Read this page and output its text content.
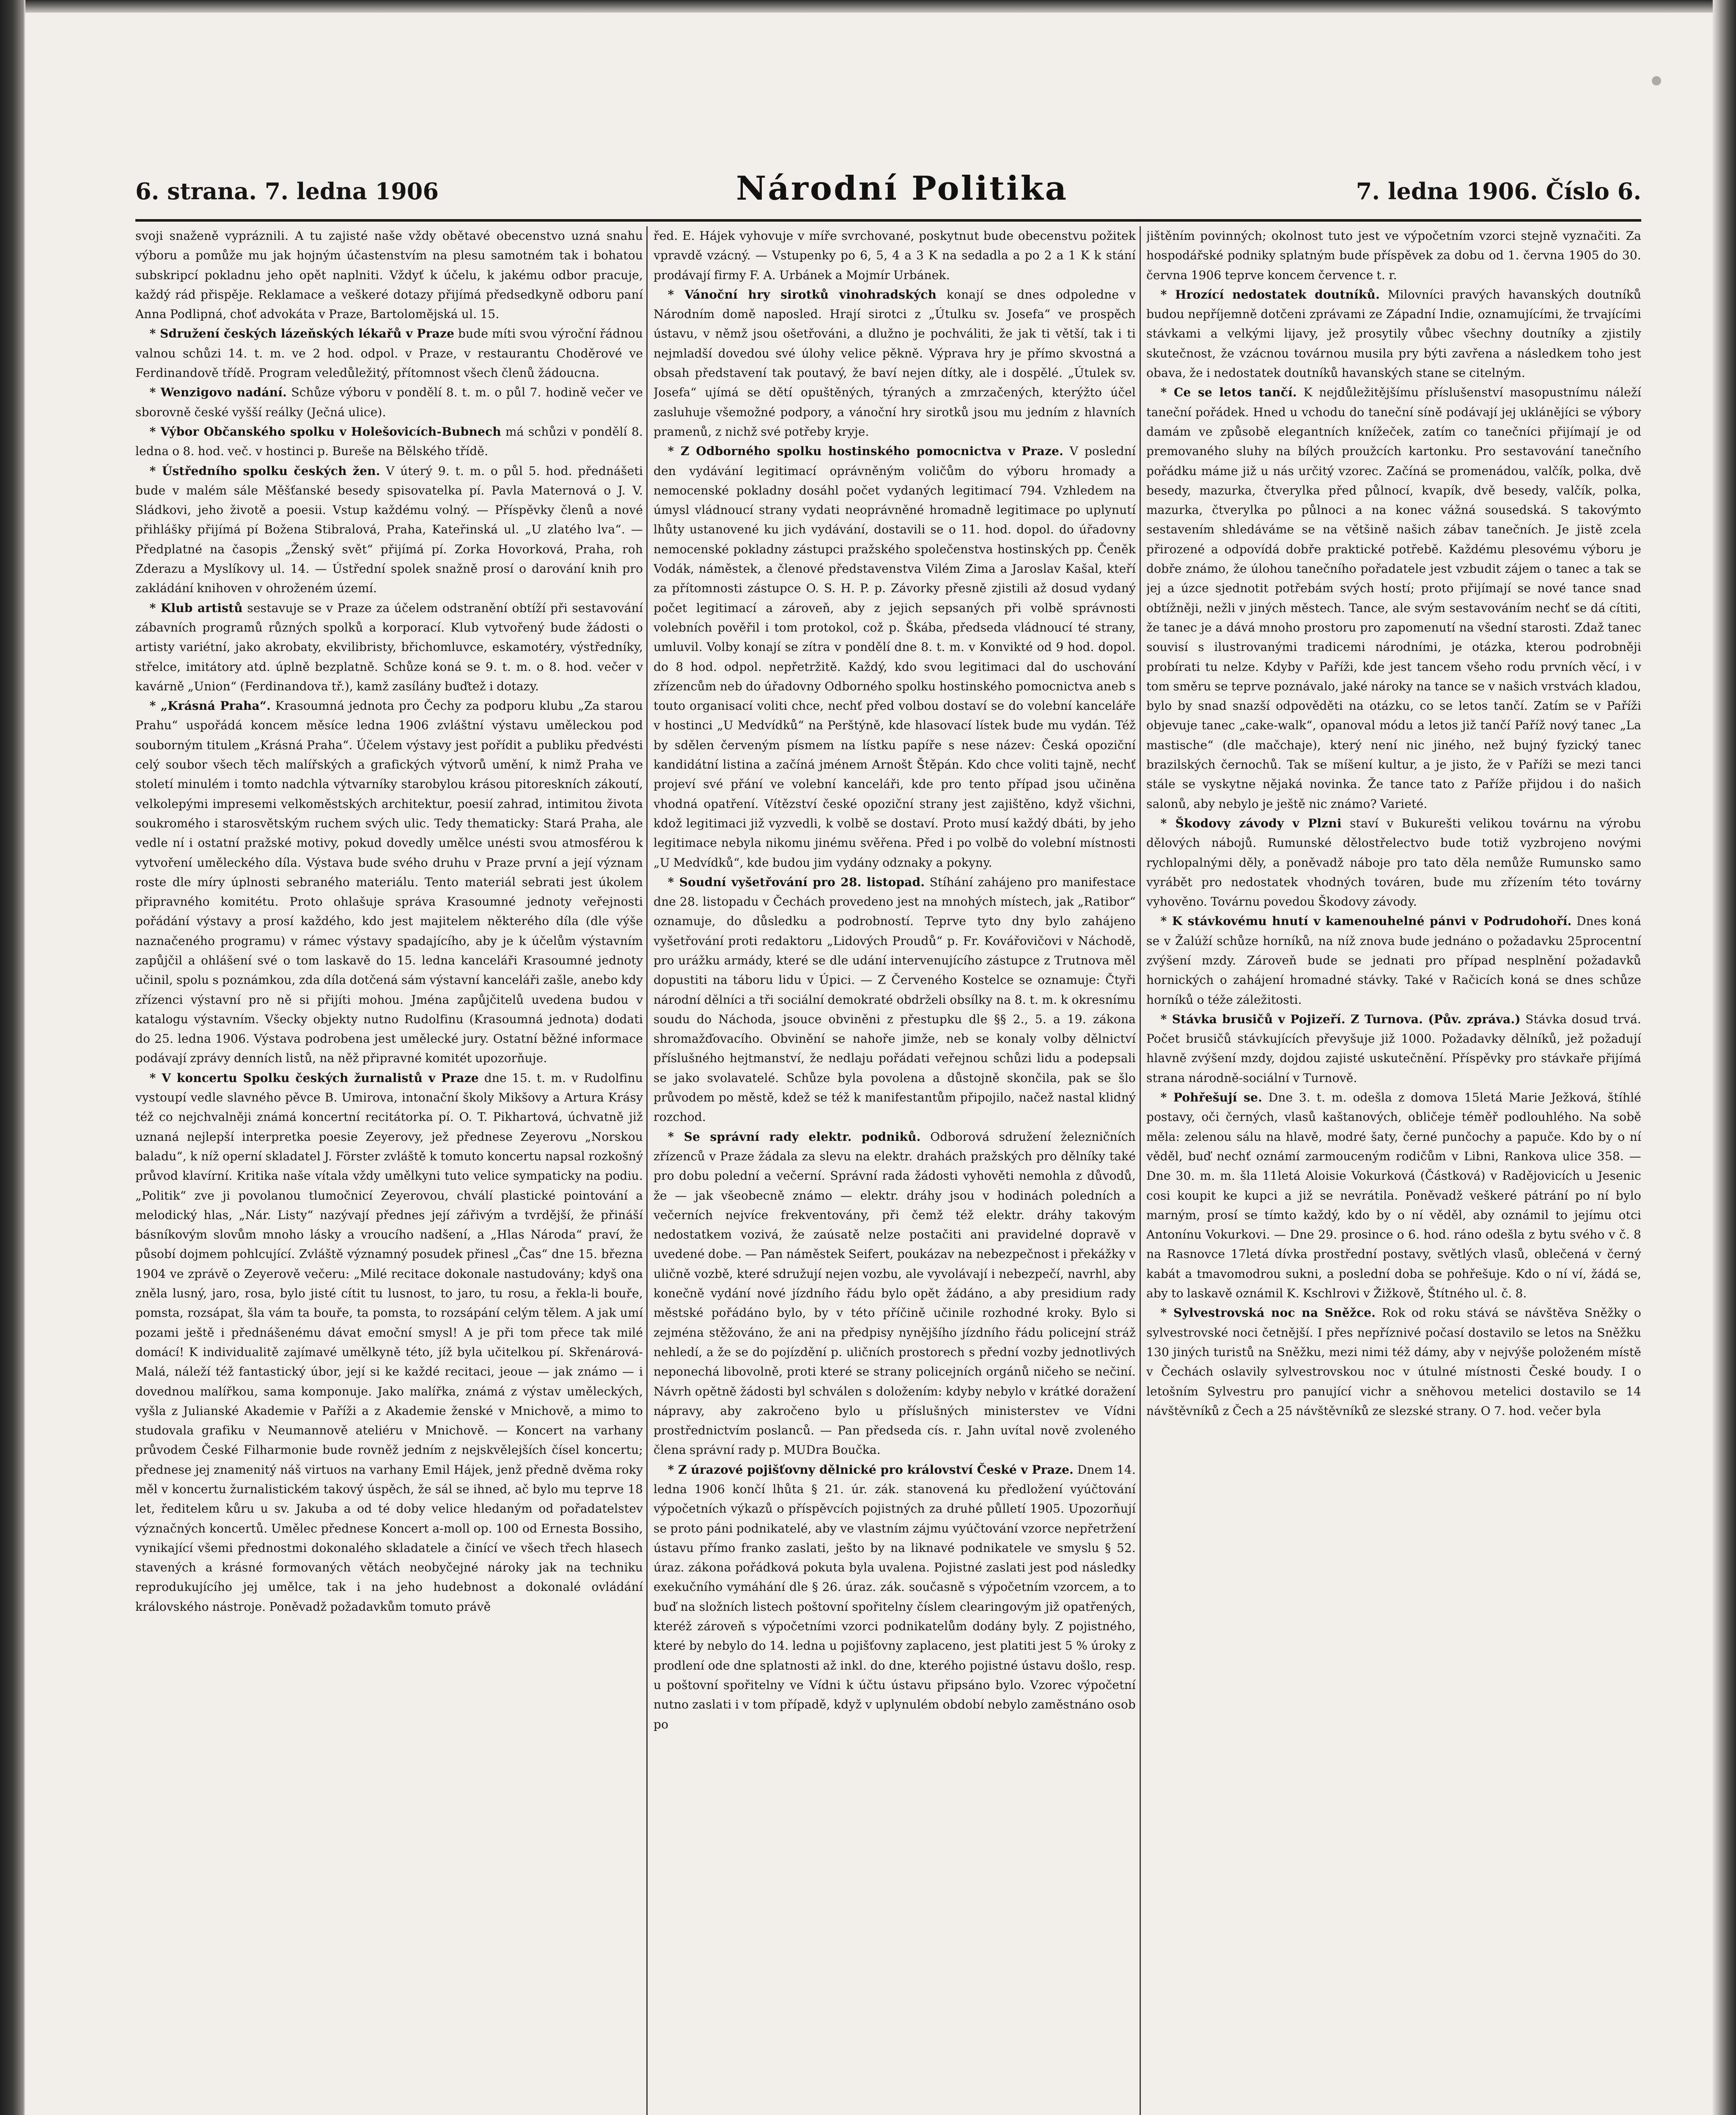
6. strana. 7. ledna 1906	Národní Politika	7. ledna 1906. Číslo 6.

svoji snaženě vypráznili. A tu zajisté naše vždy obětavé obecenstvo uzná snahu výboru a pomůže mu jak hojným účastenstvím na plesu samotném tak i bohatou subskripcí pokladnu jeho opět naplniti. Vždyť k účelu, k jakému odbor pracuje, každý rád přispěje. Reklamace a veškeré dotazy přijímá předsedkyně odboru paní Anna Podlipná, choť advokáta v Praze, Bartolomějská ul. 15.

* Sdružení českých lázeňských lékařů v Praze bude míti svou výroční řádnou valnou schůzi 14. t. m. ve 2 hod. odpol. v Praze, v restaurantu Choděrové ve Ferdinandově třídě. Program veledůležitý, přítomnost všech členů žádoucna.

* Wenzigovo nadání. Schůze výboru v pondělí 8. t. m. o půl 7. hodině večer ve sborovně české vyšší reálky (Ječná ulice).

* Výbor Občanského spolku v Holešovicích-Bubnech má schůzi v pondělí 8. ledna o 8. hod. več. v hostinci p. Bureše na Bělského třídě.

* Ústředního spolku českých žen. V úterý 9. t. m. o půl 5. hod. přednášeti bude v malém sále Měšťanské besedy spisovatelka pí. Pavla Maternová o J. V. Sládkovi, jeho životě a poesii. Vstup každému volný. — Příspěvky členů a nové přihlášky přijímá pí Božena Stibralová, Praha, Kateřinská ul. „U zlatého lva“. — Předplatné na časopis „Ženský svět“ přijímá pí. Zorka Hovorková, Praha, roh Zderazu a Myslíkovy ul. 14. — Ústřední spolek snažně prosí o darování knih pro zakládání knihoven v ohroženém území.

* Klub artistů sestavuje se v Praze za účelem odstranění obtíží při sestavování zábavních programů různých spolků a korporací. Klub vytvořený bude žádosti o artisty variétní, jako akrobaty, ekvilibristy, břichomluvce, eskamotéry, výstředníky, střelce, imitátory atd. úplně bezplatně. Schůze koná se 9. t. m. o 8. hod. večer v kavárně „Union“ (Ferdinandova tř.), kamž zasílány buďtež i dotazy.

* „Krásná Praha“. Krasoumná jednota pro Čechy za podporu klubu „Za starou Prahu“ uspořádá koncem měsíce ledna 1906 zvláštní výstavu uměleckou pod souborným titulem „Krásná Praha“. Účelem výstavy jest pořídit a publiku předvésti celý soubor všech těch malířských a grafických výtvorů umění, k nimž Praha ve století minulém i tomto nadchla výtvarníky starobylou krásou pitoreskních zákoutí, velkolepými impresemi velkoměstských architektur, poesií zahrad, intimitou života soukromého i starosvětským ruchem svých ulic. Tedy thematicky: Stará Praha, ale vedle ní i ostatní pražské motivy, pokud dovedly umělce unésti svou atmosférou k vytvoření uměleckého díla. Výstava bude svého druhu v Praze první a její význam roste dle míry úplnosti sebraného materiálu. Tento materiál sebrati jest úkolem připravného komitétu. Proto ohlašuje správa Krasoumné jednoty veřejnosti pořádání výstavy a prosí každého, kdo jest majitelem některého díla (dle výše naznačeného programu) v rámec výstavy spadajícího, aby je k účelům výstavním zapůjčil a ohlášení své o tom laskavě do 15. ledna kanceláři Krasoumné jednoty učinil, spolu s poznámkou, zda díla dotčená sám výstavní kanceláři zašle, anebo kdy zřízenci výstavní pro ně si přijíti mohou. Jména zapůjčitelů uvedena budou v katalogu výstavním. Všecky objekty nutno Rudolfinu (Krasoumná jednota) dodati do 25. ledna 1906. Výstava podrobena jest umělecké jury. Ostatní běžné informace podávají zprávy denních listů, na něž připravné komitét upozorňuje.

* V koncertu Spolku českých žurnalistů v Praze dne 15. t. m. v Rudolfinu vystoupí vedle slavného pěvce B. Umirova, intonační školy Mikšovy a Artura Krásy též co nejchvalněji známá koncertní recitátorka pí. O. T. Pikhartová, úchvatně již uznaná nejlepší interpretka poesie Zeyerovy, jež přednese Zeyerovu „Norskou baladu“, k níž operní skladatel J. Förster zvláště k tomuto koncertu napsal rozkošný průvod klavírní. Kritika naše vítala vždy umělkyni tuto velice sympaticky na podiu. „Politik“ zve ji povolanou tlumočnicí Zeyerovou, chválí plastické pointování a melodický hlas, „Nár. Listy“ nazývají přednes její zářivým a tvrdější, že přináší básníkovým slovům mnoho lásky a vroucího nadšení, a „Hlas Národa“ praví, že působí dojmem pohlcující. Zvláště významný posudek přinesl „Čas“ dne 15. března 1904 ve zprávě o Zeyerově večeru: „Milé recitace dokonale nastudovány; kdyš ona zněla lusný, jaro, rosa, bylo jisté cítit tu lusnost, to jaro, tu rosu, a řekla-li bouře, pomsta, rozsápat, šla vám ta bouře, ta pomsta, to rozsápání celým tělem. A jak umí pozami ještě i přednášenému dávat emoční smysl! A je při tom přece tak milé domácí! K individualitě zajímavé umělkyně této, jíž byla učitelkou pí. Skřenárová-Malá, náleží též fantastický úbor, její si ke každé recitaci, jeoue — jak známo — i dovednou malířkou, sama komponuje. Jako malířka, známá z výstav uměleckých, vyšla z Julianské Akademie v Paříži a z Akademie ženské v Mnichově, a mimo to studovala grafiku v Neumannově ateliéru v Mnichově. — Koncert na varhany průvodem České Filharmonie bude rovněž jedním z nejskvělejších čísel koncertu; přednese jej znamenitý náš virtuos na varhany Emil Hájek, jenž předně dvěma roky měl v koncertu žurnalistickém takový úspěch, že sál se ihned, ač bylo mu teprve 18 let, ředitelem kůru u sv. Jakuba a od té doby velice hledaným od pořadatelstev význačných koncertů. Umělec přednese Koncert a-moll op. 100 od Ernesta Bossiho, vynikající všemi přednostmi dokonalého skladatele a činící ve všech třech hlasech stavených a krásné formovaných větách neobyčejné nároky jak na techniku reprodukujícího jej umělce, tak i na jeho hudebnost a dokonalé ovládání královského nástroje. Poněvadž požadavkům tomuto právě

řed. E. Hájek vyhovuje v míře svrchované, poskytnut bude obecenstvu požitek vpravdě vzácný. — Vstupenky po 6, 5, 4 a 3 K na sedadla a po 2 a 1 K k stání prodávají firmy F. A. Urbánek a Mojmír Urbánek.

* Vánoční hry sirotků vinohradských konají se dnes odpoledne v Národním domě naposled. Hrají sirotci z „Útulku sv. Josefa“ ve prospěch ústavu, v němž jsou ošetřováni, a dlužno je pochváliti, že jak ti větší, tak i ti nejmladší dovedou své úlohy velice pěkně. Výprava hry je přímo skvostná a obsah představení tak poutavý, že baví nejen dítky, ale i dospělé. „Útulek sv. Josefa“ ujímá se dětí opuštěných, týraných a zmrzačených, kterýžto účel zasluhuje všemožné podpory, a vánoční hry sirotků jsou mu jedním z hlavních pramenů, z nichž své potřeby kryje.

* Z Odborného spolku hostinského pomocnictva v Praze. V poslední den vydávání legitimací oprávněným voličům do výboru hromady a nemocenské pokladny dosáhl počet vydaných legitimací 794. Vzhledem na úmysl vládnoucí strany vydati neoprávněné hromadně legitimace po uplynutí lhůty ustanovené ku jich vydávání, dostavili se o 11. hod. dopol. do úřadovny nemocenské pokladny zástupci pražského společenstva hostinských pp. Čeněk Vodák, náměstek, a členové představenstva Vilém Zima a Jaroslav Kašal, kteří za přítomnosti zástupce O. S. H. P. p. Závorky přesně zjistili až dosud vydaný počet legitimací a zároveň, aby z jejich sepsaných při volbě správnosti volebních pověřil i tom protokol, což p. Škába, předseda vládnoucí té strany, umluvil. Volby konají se zítra v pondělí dne 8. t. m. v Konvikté od 9 hod. dopol. do 8 hod. odpol. nepřetržitě. Každý, kdo svou legitimaci dal do uschování zřízencům neb do úřadovny Odborného spolku hostinského pomocnictva aneb s touto organisací voliti chce, nechť před volbou dostaví se do volební kanceláře v hostinci „U Medvídků“ na Perštýně, kde hlasovací lístek bude mu vydán. Též by sdělen červeným písmem na lístku papíře s nese název: Česká opoziční kandidátní listina a začíná jménem Arnošt Štěpán. Kdo chce voliti tajně, nechť projeví své přání ve volební kanceláři, kde pro tento případ jsou učiněna vhodná opatření. Vítězství české opoziční strany jest zajištěno, když všichni, kdož legitimaci již vyzvedli, k volbě se dostaví. Proto musí každý dbáti, by jeho legitimace nebyla nikomu jinému svěřena. Před i po volbě do volební místnosti „U Medvídků“, kde budou jim vydány odznaky a pokyny.

* Soudní vyšetřování pro 28. listopad. Stíhání zahájeno pro manifestace dne 28. listopadu v Čechách provedeno jest na mnohých místech, jak „Ratibor“ oznamuje, do důsledku a podrobností. Teprve tyto dny bylo zahájeno vyšetřování proti redaktoru „Lidových Proudů“ p. Fr. Kovářovičovi v Náchodě, pro urážku armády, které se dle udání intervenujícího zástupce z Trutnova měl dopustiti na táboru lidu v Úpici. — Z Červeného Kostelce se oznamuje: Čtyři národní dělníci a tři sociální demokraté obdrželi obsílky na 8. t. m. k okresnímu soudu do Náchoda, jsouce obviněni z přestupku dle §§ 2., 5. a 19. zákona shromažďovacího. Obvinění se nahoře jimže, neb se konaly volby dělnictví příslušného hejtmanství, že nedlaju pořádati veřejnou schůzi lidu a podepsali se jako svolavatelé. Schůze byla povolena a důstojně skončila, pak se šlo průvodem po městě, kdež se též k manifestantům připojilo, načež nastal klidný rozchod.

* Se správní rady elektr. podniků. Odborová sdružení železničních zřízenců v Praze žádala za slevu na elektr. drahách pražských pro dělníky také pro dobu polední a večerní. Správní rada žádosti vyhověti nemohla z důvodů, že — jak všeobecně známo — elektr. dráhy jsou v hodinách poledních a večerních nejvíce frekventovány, při čemž též elektr. dráhy takovým nedostatkem vozivá, že zaúsatě nelze postačiti ani pravidelné dopravě v uvedené dobe. — Pan náměstek Seifert, poukázav na nebezpečnost i překážky v uličně vozbě, které sdružují nejen vozbu, ale vyvolávají i nebezpečí, navrhl, aby konečně vydání nové jízdního řádu bylo opět žádáno, a aby presidium rady městské pořádáno bylo, by v této příčině učinile rozhodné kroky. Bylo si zejména stěžováno, že ani na předpisy nynějšího jízdního řádu policejní stráž nehledí, a že se do pojízdění p. uličních prostorech s přední vozby jednotlivých neponechá libovolně, proti které se strany policejních orgánů ničeho se nečiní. Návrh opětně žádosti byl schválen s doložením: kdyby nebylo v krátké doražení nápravy, aby zakročeno bylo u příslušných ministerstev ve Vídni prostřednictvím poslanců. — Pan předseda cís. r. Jahn uvítal nově zvoleného člena správní rady p. MUDra Boučka.

* Z úrazové pojišťovny dělnické pro království České v Praze. Dnem 14. ledna 1906 končí lhůta § 21. úr. zák. stanovená ku předložení vyúčtování výpočetních výkazů o příspěvcích pojistných za druhé půlletí 1905. Upozorňují se proto páni podnikatelé, aby ve vlastním zájmu vyúčtování vzorce nepřetržení ústavu přímo franko zaslati, ješto by na liknavé podnikatele ve smyslu § 52. úraz. zákona pořádková pokuta byla uvalena. Pojistné zaslati jest pod následky exekučního vymáhání dle § 26. úraz. zák. současně s výpočetním vzorcem, a to buď na složních listech poštovní spořitelny číslem clearingovým již opatřených, kteréž zároveň s výpočetními vzorci podnikatelům dodány byly. Z pojistného, které by nebylo do 14. ledna u pojišťovny zaplaceno, jest platiti jest 5 % úroky z prodlení ode dne splatnosti až inkl. do dne, kterého pojistné ústavu došlo, resp. u poštovní spořitelny ve Vídni k účtu ústavu připsáno bylo. Vzorec výpočetní nutno zaslati i v tom případě, když v uplynulém období nebylo zaměstnáno osob po

jištěním povinných; okolnost tuto jest ve výpočetním vzorci stejně vyznačiti. Za hospodářské podniky splatným bude příspěvek za dobu od 1. června 1905 do 30. června 1906 teprve koncem července t. r.

* Hrozící nedostatek doutníků. Milovníci pravých havanských doutníků budou nepříjemně dotčeni zprávami ze Západní Indie, oznamujícími, že trvajícími stávkami a velkými lijavy, jež prosytily vůbec všechny doutníky a zjistily skutečnost, že vzácnou továrnou musila pry býti zavřena a následkem toho jest obava, že i nedostatek doutníků havanských stane se citelným.

* Ce se letos tančí. K nejdůležitějšímu příslušenství masopustnímu náleží taneční pořádek. Hned u vchodu do taneční síně podávají jej uklánějíci se výbory damám ve způsobě elegantních knížeček, zatím co tanečníci přijímají je od premovaného sluhy na bílých proužcích kartonku. Pro sestavování tanečního pořádku máme již u nás určitý vzorec. Začíná se promenádou, valčík, polka, dvě besedy, mazurka, čtverylka před půlnocí, kvapík, dvě besedy, valčík, polka, mazurka, čtverylka po půlnoci a na konec vážná sousedská. S takovýmto sestavením shledáváme se na většině našich zábav tanečních. Je jistě zcela přirozené a odpovídá dobře praktické potřebě. Každému plesovému výboru je dobře známo, že úlohou tanečního pořadatele jest vzbudit zájem o tanec a tak se jej a úzce sjednotit potřebám svých hostí; proto přijímají se nové tance snad obtížněji, nežli v jiných městech. Tance, ale svým sestavováním nechť se dá cítiti, že tanec je a dává mnoho prostoru pro zapomenutí na všední starosti. Zdaž tanec souvisí s ilustrovanými tradicemi národními, je otázka, kterou podrobněji probírati tu nelze. Kdyby v Paříži, kde jest tancem všeho rodu prvních věcí, i v tom směru se teprve poznávalo, jaké nároky na tance se v našich vrstvách kladou, bylo by snad snazší odpověděti na otázku, co se letos tančí. Zatím se v Paříži objevuje tanec „cake-walk“, opanoval módu a letos již tančí Paříž nový tanec „La mastische“ (dle mačchaje), který není nic jiného, než bujný fyzický tanec brazilských černochů. Tak se míšení kultur, a je jisto, že v Paříži se mezi tanci stále se vyskytne nějaká novinka. Že tance tato z Paříže přijdou i do našich salonů, aby nebylo je ještě nic známo? Varieté.

* Škodovy závody v Plzni staví v Bukurešti velikou továrnu na výrobu dělových nábojů. Rumunské dělostřelectvo bude totiž vyzbrojeno novými rychlopalnými děly, a poněvadž náboje pro tato děla nemůže Rumunsko samo vyrábět pro nedostatek vhodných továren, bude mu zřízením této továrny vyhověno. Továrnu povedou Škodovy závody.

* K stávkovému hnutí v kamenouhelné pánvi v Podrudohoří. Dnes koná se v Žalúží schůze horníků, na níž znova bude jednáno o požadavku 25procentní zvýšení mzdy. Zároveň bude se jednati pro případ nesplnění požadavků hornických o zahájení hromadné stávky. Také v Račicích koná se dnes schůze horníků o téže záležitosti.

* Stávka brusičů v Pojizeří. Z Turnova. (Pův. zpráva.) Stávka dosud trvá. Počet brusičů stávkujících převyšuje již 1000. Požadavky dělníků, jež požadují hlavně zvýšení mzdy, dojdou zajisté uskutečnění. Příspěvky pro stávkaře přijímá strana národně-sociální v Turnově.

* Pohřešují se. Dne 3. t. m. odešla z domova 15letá Marie Ježková, štíhlé postavy, oči černých, vlasů kaštanových, obličeje téměř podlouhlého. Na sobě měla: zelenou sálu na hlavě, modré šaty, černé punčochy a papuče. Kdo by o ní věděl, buď nechť oznámí zarmouceným rodičům v Libni, Rankova ulice 358. — Dne 30. m. m. šla 11letá Aloisie Vokurková (Částková) v Radějovicích u Jesenic cosi koupit ke kupci a již se nevrátila. Poněvadž veškeré pátrání po ní bylo marným, prosí se tímto každý, kdo by o ní věděl, aby oznámil to jejímu otci Antonínu Vokurkovi. — Dne 29. prosince o 6. hod. ráno odešla z bytu svého v č. 8 na Rasnovce 17letá dívka prostřední postavy, světlých vlasů, oblečená v černý kabát a tmavomodrou sukni, a poslední doba se pohřešuje. Kdo o ní ví, žádá se, aby to laskavě oznámil K. Kschlrovi v Žižkově, Štítného ul. č. 8.

* Sylvestrovská noc na Sněžce. Rok od roku stává se návštěva Sněžky o sylvestrovské noci četnější. I přes nepříznivé počasí dostavilo se letos na Sněžku 130 jiných turistů na Sněžku, mezi nimi též dámy, aby v nejvýše položeném místě v Čechách oslavily sylvestrovskou noc v útulné místnosti České boudy. I o letošním Sylvestru pro panující vichr a sněhovou metelici dostavilo se 14 návštěvníků z Čech a 25 návštěvníků ze slezské strany. O 7. hod. večer byla
